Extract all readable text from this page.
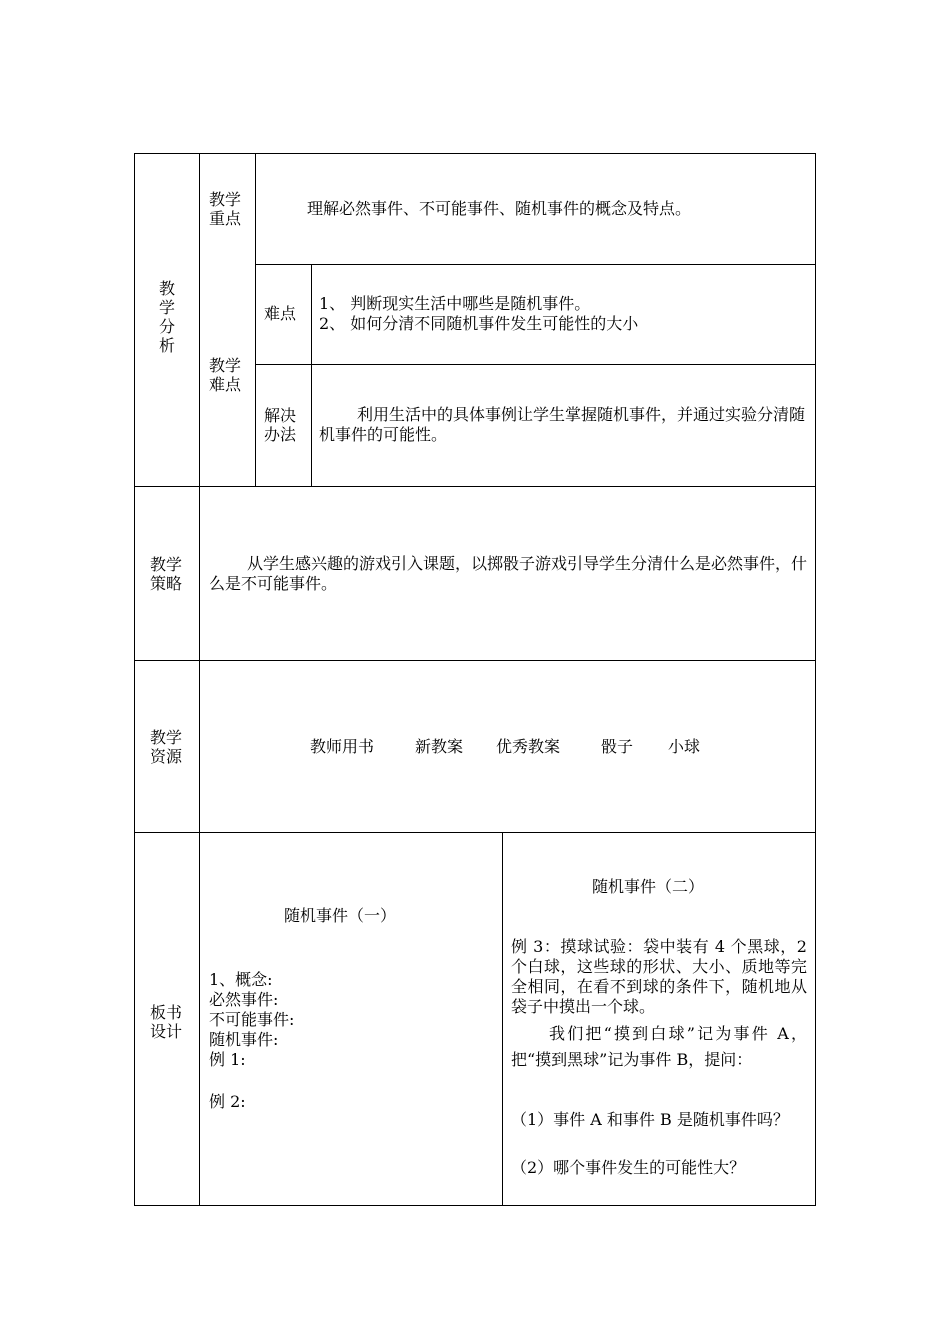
教
学
分
析
教学
重点
理解必然事件、不可能事件、随机事件的概念及特点。
教学
难点
难点
1、 判断现实生活中哪些是随机事件。
2、 如何分清不同随机事件发生可能性的大小
解决
办法
利用生活中的具体事例让学生掌握随机事件，并通过实验分清随机事件的可能性。
教学
策略
从学生感兴趣的游戏引入课题，以掷骰子游戏引导学生分清什么是必然事件，什么是不可能事件。
教学
资源
教师用书	新教案 优秀教案	骰子 小球
板书
设计
随机事件（一）
1、概念:
必然事件:
不可能事件:
随机事件:
例 1:
例 2:
随机事件（二）
例 3：摸球试验：袋中装有 4 个黑球，2 个白球，这些球的形状、大小、质地等完全相同，在看不到球的条件下，随机地从袋子中摸出一个球。
我们把“摸到白球”记为事件 A，把“摸到黑球”记为事件 B，提问：
（1）事件 A 和事件 B 是随机事件吗？
（2）哪个事件发生的可能性大？
